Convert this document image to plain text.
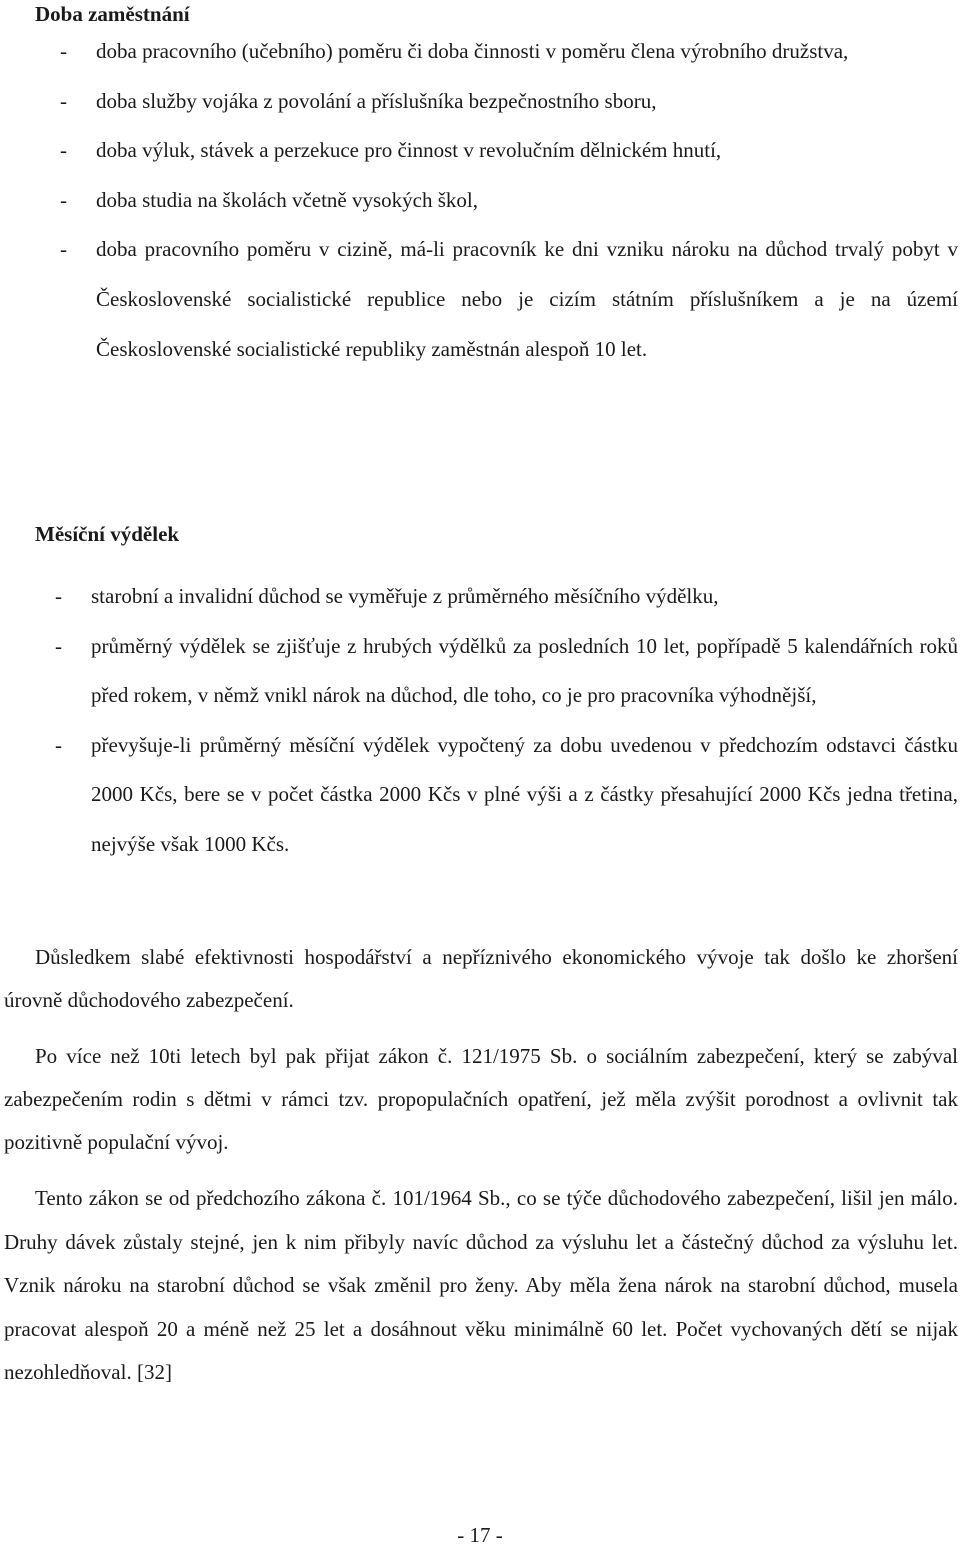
Doba zaměstnání
- doba pracovního (učebního) poměru či doba činnosti v poměru člena výrobního družstva,
- doba služby vojáka z povolání a příslušníka bezpečnostního sboru,
- doba výluk, stávek a perzekuce pro činnost v revolučním dělnickém hnutí,
- doba studia na školách včetně vysokých škol,
- doba pracovního poměru v cizině, má-li pracovník ke dni vzniku nároku na důchod trvalý pobyt v Československé socialistické republice nebo je cizím státním příslušníkem a je na území Československé socialistické republiky zaměstnán alespoň 10 let.
Měsíční výdělek
- starobní a invalidní důchod se vyměřuje z průměrného měsíčního výdělku,
- průměrný výdělek se zjišťuje z hrubých výdělků za posledních 10 let, popřípadě 5 kalendářních roků před rokem, v němž vnikl nárok na důchod, dle toho, co je pro pracovníka výhodnější,
- převyšuje-li průměrný měsíční výdělek vypočtený za dobu uvedenou v předchozím odstavci částku 2000 Kčs, bere se v počet částka 2000 Kčs v plné výši a z částky přesahující 2000 Kčs jedna třetina, nejvýše však 1000 Kčs.

Důsledkem slabé efektivnosti hospodářství a nepříznivého ekonomického vývoje tak došlo ke zhoršení úrovně důchodového zabezpečení.

Po více než 10ti letech byl pak přijat zákon č. 121/1975 Sb. o sociálním zabezpečení, který se zabýval zabezpečením rodin s dětmi v rámci tzv. propopulačních opatření, jež měla zvýšit porodnost a ovlivnit tak pozitivně populační vývoj.

Tento zákon se od předchozího zákona č. 101/1964 Sb., co se týče důchodového zabezpečení, lišil jen málo. Druhy dávek zůstaly stejné, jen k nim přibyly navíc důchod za výsluhu let a částečný důchod za výsluhu let. Vznik nároku na starobní důchod se však změnil pro ženy. Aby měla žena nárok na starobní důchod, musela pracovat alespoň 20 a méně než 25 let a dosáhnout věku minimálně 60 let. Počet vychovaných dětí se nijak nezohledňoval. [32]

- 17 -
